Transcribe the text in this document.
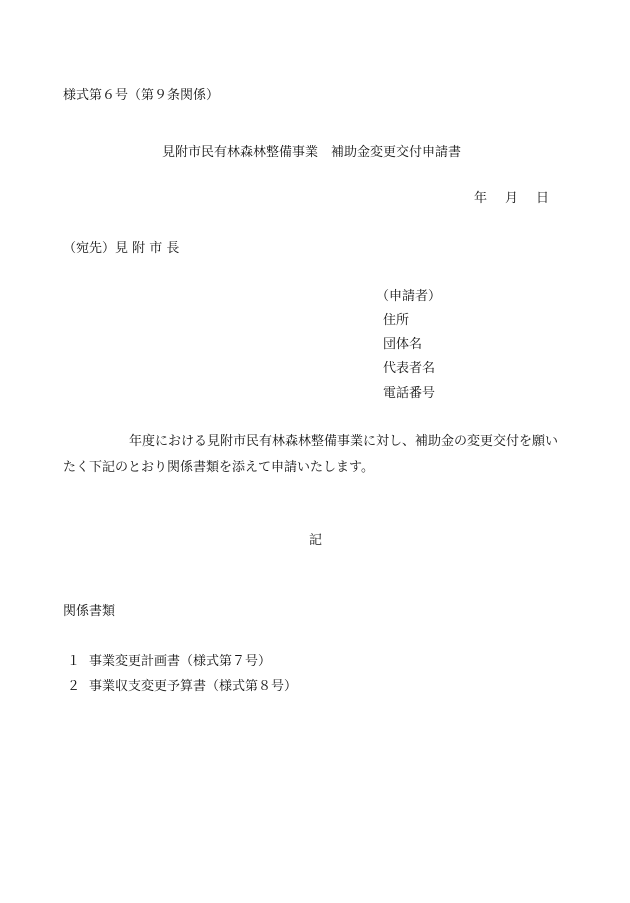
様式第６号（第９条関係）
見附市民有林森林整備事業　補助金変更交付申請書
年 月 日
（宛先）見 附 市 長
（申請者）
住所
団体名
代表者名
電話番号
年度における見附市民有林森林整備事業に対し、補助金の変更交付を願い
たく下記のとおり関係書類を添えて申請いたします。
記
関係書類
１ 事業変更計画書（様式第７号）
２ 事業収支変更予算書（様式第８号）
